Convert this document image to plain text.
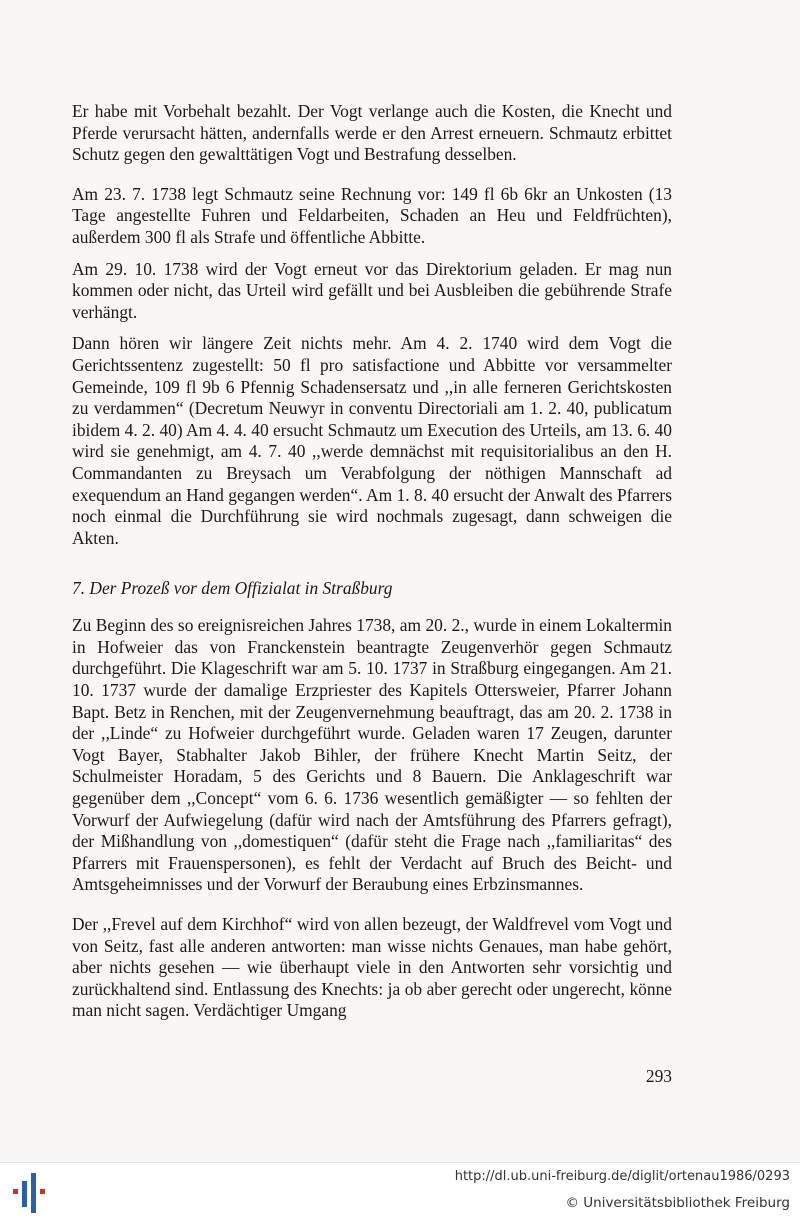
Er habe mit Vorbehalt bezahlt. Der Vogt verlange auch die Kosten, die Knecht und Pferde verursacht hätten, andernfalls werde er den Arrest erneuern. Schmautz erbittet Schutz gegen den gewalttätigen Vogt und Bestrafung desselben.

Am 23. 7. 1738 legt Schmautz seine Rechnung vor: 149 fl 6b 6kr an Unkosten (13 Tage angestellte Fuhren und Feldarbeiten, Schaden an Heu und Feldfrüchten), außerdem 300 fl als Strafe und öffentliche Abbitte.

Am 29. 10. 1738 wird der Vogt erneut vor das Direktorium geladen. Er mag nun kommen oder nicht, das Urteil wird gefällt und bei Ausbleiben die gebührende Strafe verhängt.

Dann hören wir längere Zeit nichts mehr. Am 4. 2. 1740 wird dem Vogt die Gerichtssentenz zugestellt: 50 fl pro satisfactione und Abbitte vor versammelter Gemeinde, 109 fl 9b 6 Pfennig Schadensersatz und ,,in alle ferneren Gerichtskosten zu verdammen“ (Decretum Neuwyr in conventu Directoriali am 1. 2. 40, publicatum ibidem 4. 2. 40) Am 4. 4. 40 ersucht Schmautz um Execution des Urteils, am 13. 6. 40 wird sie genehmigt, am 4. 7. 40 ,,werde demnächst mit requisitorialibus an den H. Commandanten zu Breysach um Verabfolgung der nöthigen Mannschaft ad exequendum an Hand gegangen werden“. Am 1. 8. 40 ersucht der Anwalt des Pfarrers noch einmal die Durchführung sie wird nochmals zugesagt, dann schweigen die Akten.

7. Der Prozeß vor dem Offizialat in Straßburg

Zu Beginn des so ereignisreichen Jahres 1738, am 20. 2., wurde in einem Lokaltermin in Hofweier das von Franckenstein beantragte Zeugenverhör gegen Schmautz durchgeführt. Die Klageschrift war am 5. 10. 1737 in Straßburg eingegangen. Am 21. 10. 1737 wurde der damalige Erzpriester des Kapitels Ottersweier, Pfarrer Johann Bapt. Betz in Renchen, mit der Zeugenvernehmung beauftragt, das am 20. 2. 1738 in der ,,Linde“ zu Hofweier durchgeführt wurde. Geladen waren 17 Zeugen, darunter Vogt Bayer, Stabhalter Jakob Bihler, der frühere Knecht Martin Seitz, der Schulmeister Horadam, 5 des Gerichts und 8 Bauern. Die Anklageschrift war gegenüber dem ,,Concept“ vom 6. 6. 1736 wesentlich gemäßigter — so fehlten der Vorwurf der Aufwiegelung (dafür wird nach der Amtsführung des Pfarrers gefragt), der Mißhandlung von ,,domestiquen“ (dafür steht die Frage nach ,,familiaritas“ des Pfarrers mit Frauenspersonen), es fehlt der Verdacht auf Bruch des Beicht- und Amtsgeheimnisses und der Vorwurf der Beraubung eines Erbzinsmannes.

Der ,,Frevel auf dem Kirchhof“ wird von allen bezeugt, der Waldfrevel vom Vogt und von Seitz, fast alle anderen antworten: man wisse nichts Genaues, man habe gehört, aber nichts gesehen — wie überhaupt viele in den Antworten sehr vorsichtig und zurückhaltend sind. Entlassung des Knechts: ja ob aber gerecht oder ungerecht, könne man nicht sagen. Verdächtiger Umgang

293
http://dl.ub.uni-freiburg.de/diglit/ortenau1986/0293
© Universitätsbibliothek Freiburg
